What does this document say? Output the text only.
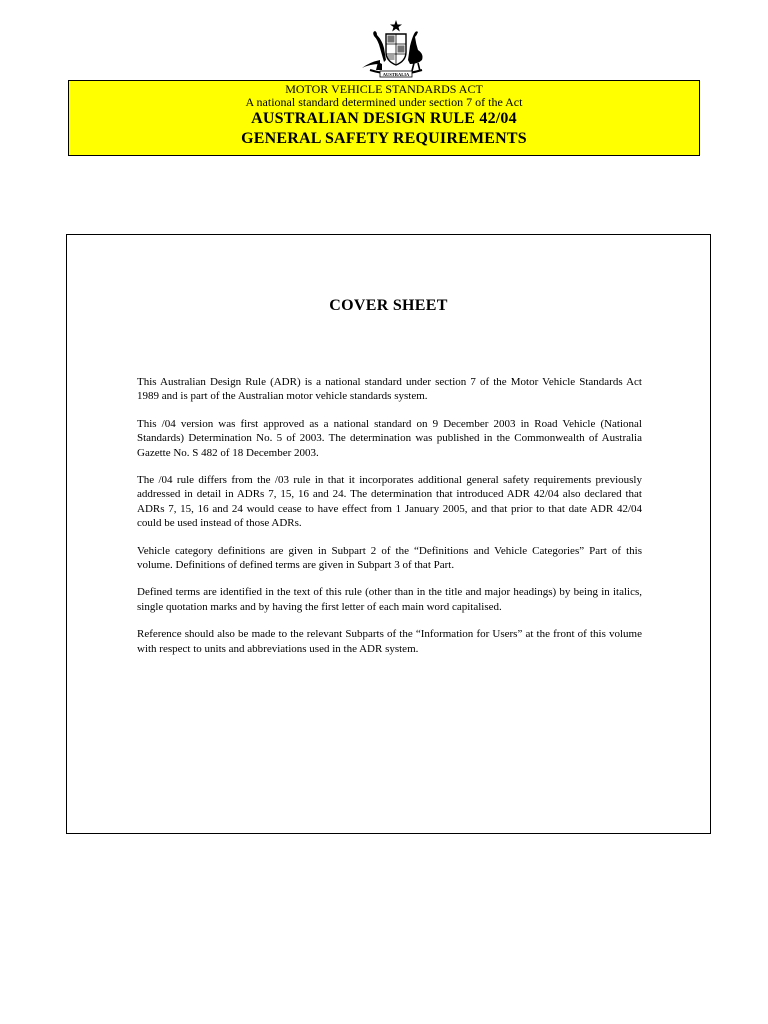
AUSTRALIA
MOTOR VEHICLE STANDARDS ACT
A national standard determined under section 7 of the Act
AUSTRALIAN DESIGN RULE 42/04
GENERAL SAFETY REQUIREMENTS
COVER SHEET

This Australian Design Rule (ADR) is a national standard under section 7 of the Motor Vehicle Standards Act 1989 and is part of the Australian motor vehicle standards system.

This /04 version was first approved as a national standard on 9 December 2003 in Road Vehicle (National Standards) Determination No. 5 of 2003. The determination was published in the Commonwealth of Australia Gazette No. S 482 of 18 December 2003.

The /04 rule differs from the /03 rule in that it incorporates additional general safety requirements previously addressed in detail in ADRs 7, 15, 16 and 24. The determination that introduced ADR 42/04 also declared that ADRs 7, 15, 16 and 24 would cease to have effect from 1 January 2005, and that prior to that date ADR 42/04 could be used instead of those ADRs.

Vehicle category definitions are given in Subpart 2 of the “Definitions and Vehicle Categories” Part of this volume. Definitions of defined terms are given in Subpart 3 of that Part.

Defined terms are identified in the text of this rule (other than in the title and major headings) by being in italics, single quotation marks and by having the first letter of each main word capitalised.

Reference should also be made to the relevant Subparts of the “Information for Users” at the front of this volume with respect to units and abbreviations used in the ADR system.
